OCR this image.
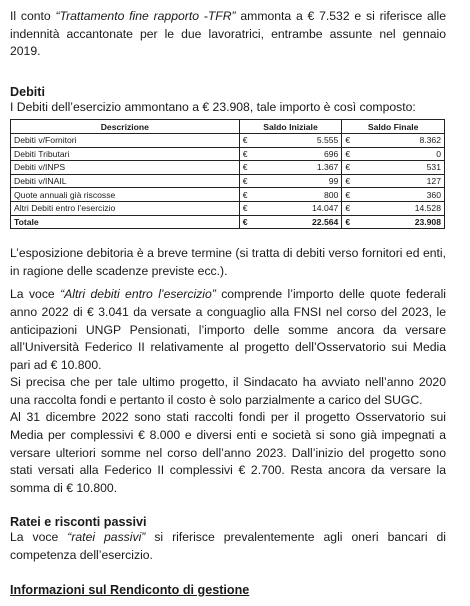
Il conto “Trattamento fine rapporto -TFR” ammonta a € 7.532 e si riferisce alle indennità accantonate per le due lavoratrici, entrambe assunte nel gennaio 2019.

Debiti

I Debiti dell’esercizio ammontano a € 23.908, tale importo è così composto:

Descrizione	Saldo Iniziale		Saldo Finale	
Debiti v/Fornitori	€	5.555	€	8.362
Debiti Tributari	€	696	€	0
Debiti v/INPS	€	1.367	€	531
Debiti v/INAIL	€	99	€	127
Quote annuali già riscosse	€	800	€	360
Altri Debiti entro l’esercizio	€	14.047	€	14.528
Totale	€	22.564	€	23.908

L’esposizione debitoria è a breve termine (si tratta di debiti verso fornitori ed enti, in ragione delle scadenze previste ecc.).

La voce “Altri debiti entro l’esercizio” comprende l’importo delle quote federali anno 2022 di € 3.041 da versate a conguaglio alla FNSI nel corso del 2023, le anticipazioni UNGP Pensionati, l’importo delle somme ancora da versare all’Università Federico II relativamente al progetto dell’Osservatorio sui Media pari ad € 10.800.

Si precisa che per tale ultimo progetto, il Sindacato ha avviato nell’anno 2020 una raccolta fondi e pertanto il costo è solo parzialmente a carico del SUGC.

Al 31 dicembre 2022 sono stati raccolti fondi per il progetto Osservatorio sui Media per complessivi € 8.000 e diversi enti e società si sono già impegnati a versare ulteriori somme nel corso dell’anno 2023. Dall’inizio del progetto sono stati versati alla Federico II complessivi € 2.700. Resta ancora da versare la somma di € 10.800.

Ratei e risconti passivi

La voce “ratei passivi” si riferisce prevalentemente agli oneri bancari di competenza dell’esercizio.

Informazioni sul Rendiconto di gestione
